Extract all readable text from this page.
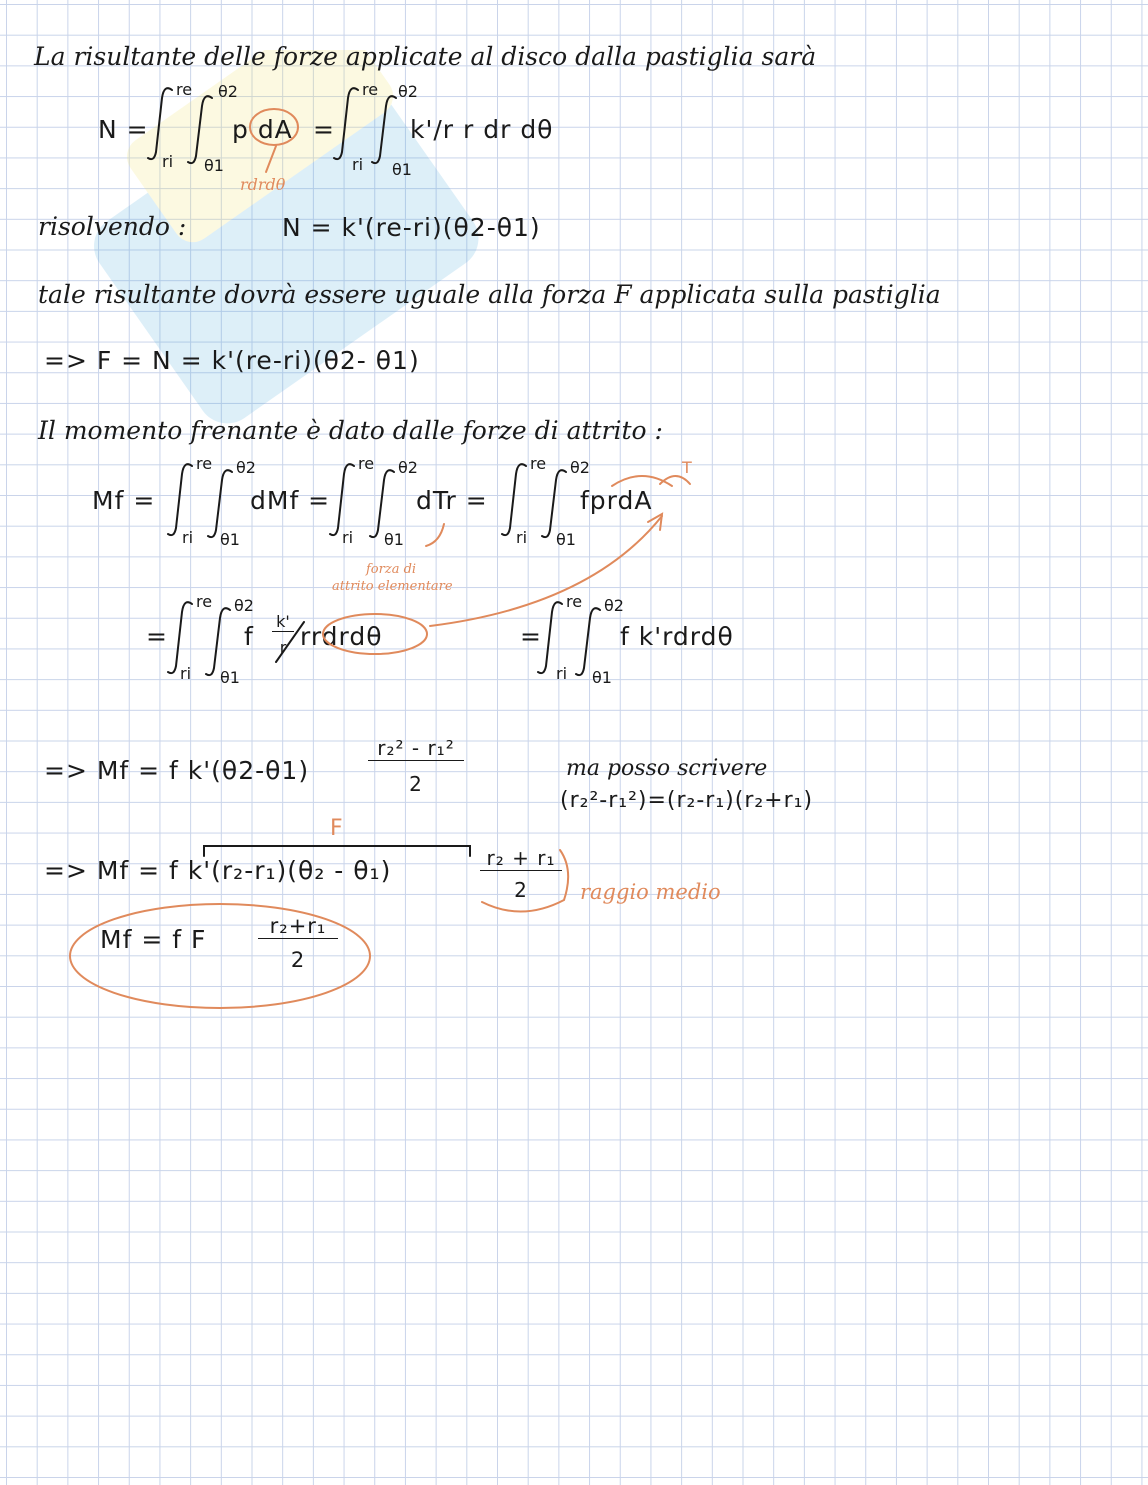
La risultante delle forze applicate al disco dalla pastiglia sarà
N =	p dA =	k'/r r dr dθ
rdrdθ
re
ri
θ2
θ1
re
ri
θ2
θ1
risolvendo :	N = k'(re-ri)(θ2-θ1)
tale risultante dovrà essere uguale alla forza F applicata sulla pastiglia
=> F = N = k'(re-ri)(θ2- θ1)
Il momento frenante è dato dalle forze di attrito :
Mf =	dMf =	dTr =	fprdA
T
forza di
attrito elementare
re
ri
θ2
θ1
re
ri
θ2
θ1
re
ri
θ2
θ1
=	f
k'
r rrdrdθ	=	f k'rdrdθ
re
ri
θ2
θ1
re
ri
θ2
θ1
=> Mf = f k'(θ2-θ1)
r₂² - r₁²
2
ma posso scrivere
(r₂²-r₁²)=(r₂-r₁)(r₂+r₁)
F
=> Mf = f k'(r₂-r₁)(θ₂ - θ₁)	r₂ + r₁
2	raggio medio
Mf = f F	r₂+r₁
2
